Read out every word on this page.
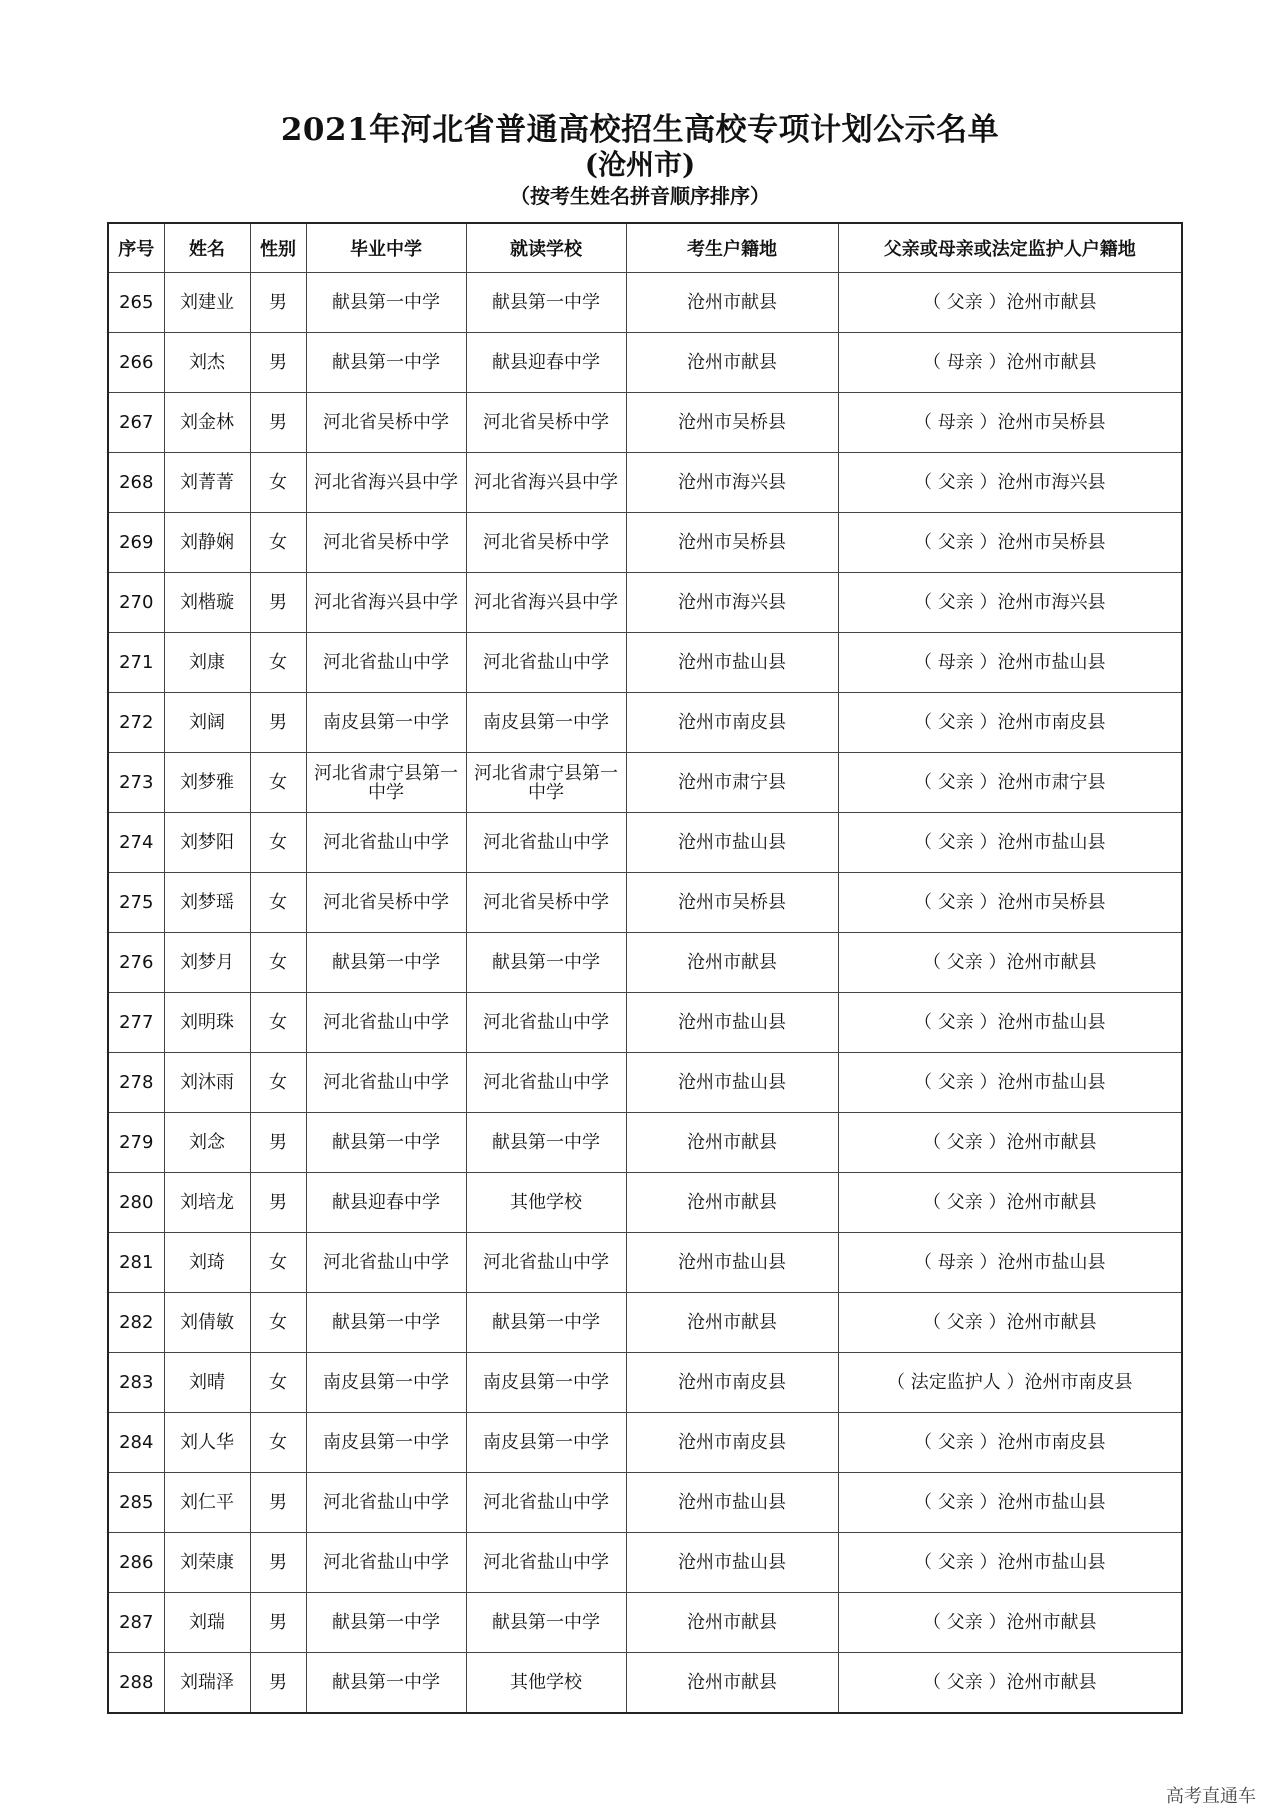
2021年河北省普通高校招生高校专项计划公示名单
(沧州市)
（按考生姓名拼音顺序排序）
序号	姓名	性别	毕业中学	就读学校	考生户籍地	父亲或母亲或法定监护人户籍地
265	刘建业	男	献县第一中学	献县第一中学	沧州市献县	（ 父亲 ）沧州市献县
266	刘杰	男	献县第一中学	献县迎春中学	沧州市献县	（ 母亲 ）沧州市献县
267	刘金林	男	河北省吴桥中学	河北省吴桥中学	沧州市吴桥县	（ 母亲 ）沧州市吴桥县
268	刘菁菁	女	河北省海兴县中学	河北省海兴县中学	沧州市海兴县	（ 父亲 ）沧州市海兴县
269	刘静娴	女	河北省吴桥中学	河北省吴桥中学	沧州市吴桥县	（ 父亲 ）沧州市吴桥县
270	刘楷璇	男	河北省海兴县中学	河北省海兴县中学	沧州市海兴县	（ 父亲 ）沧州市海兴县
271	刘康	女	河北省盐山中学	河北省盐山中学	沧州市盐山县	（ 母亲 ）沧州市盐山县
272	刘阔	男	南皮县第一中学	南皮县第一中学	沧州市南皮县	（ 父亲 ）沧州市南皮县
273	刘梦雅	女	河北省肃宁县第一中学	河北省肃宁县第一中学	沧州市肃宁县	（ 父亲 ）沧州市肃宁县
274	刘梦阳	女	河北省盐山中学	河北省盐山中学	沧州市盐山县	（ 父亲 ）沧州市盐山县
275	刘梦瑶	女	河北省吴桥中学	河北省吴桥中学	沧州市吴桥县	（ 父亲 ）沧州市吴桥县
276	刘梦月	女	献县第一中学	献县第一中学	沧州市献县	（ 父亲 ）沧州市献县
277	刘明珠	女	河北省盐山中学	河北省盐山中学	沧州市盐山县	（ 父亲 ）沧州市盐山县
278	刘沐雨	女	河北省盐山中学	河北省盐山中学	沧州市盐山县	（ 父亲 ）沧州市盐山县
279	刘念	男	献县第一中学	献县第一中学	沧州市献县	（ 父亲 ）沧州市献县
280	刘培龙	男	献县迎春中学	其他学校	沧州市献县	（ 父亲 ）沧州市献县
281	刘琦	女	河北省盐山中学	河北省盐山中学	沧州市盐山县	（ 母亲 ）沧州市盐山县
282	刘倩敏	女	献县第一中学	献县第一中学	沧州市献县	（ 父亲 ）沧州市献县
283	刘晴	女	南皮县第一中学	南皮县第一中学	沧州市南皮县	（ 法定监护人 ）沧州市南皮县
284	刘人华	女	南皮县第一中学	南皮县第一中学	沧州市南皮县	（ 父亲 ）沧州市南皮县
285	刘仁平	男	河北省盐山中学	河北省盐山中学	沧州市盐山县	（ 父亲 ）沧州市盐山县
286	刘荣康	男	河北省盐山中学	河北省盐山中学	沧州市盐山县	（ 父亲 ）沧州市盐山县
287	刘瑞	男	献县第一中学	献县第一中学	沧州市献县	（ 父亲 ）沧州市献县
288	刘瑞泽	男	献县第一中学	其他学校	沧州市献县	（ 父亲 ）沧州市献县
高考直通车
